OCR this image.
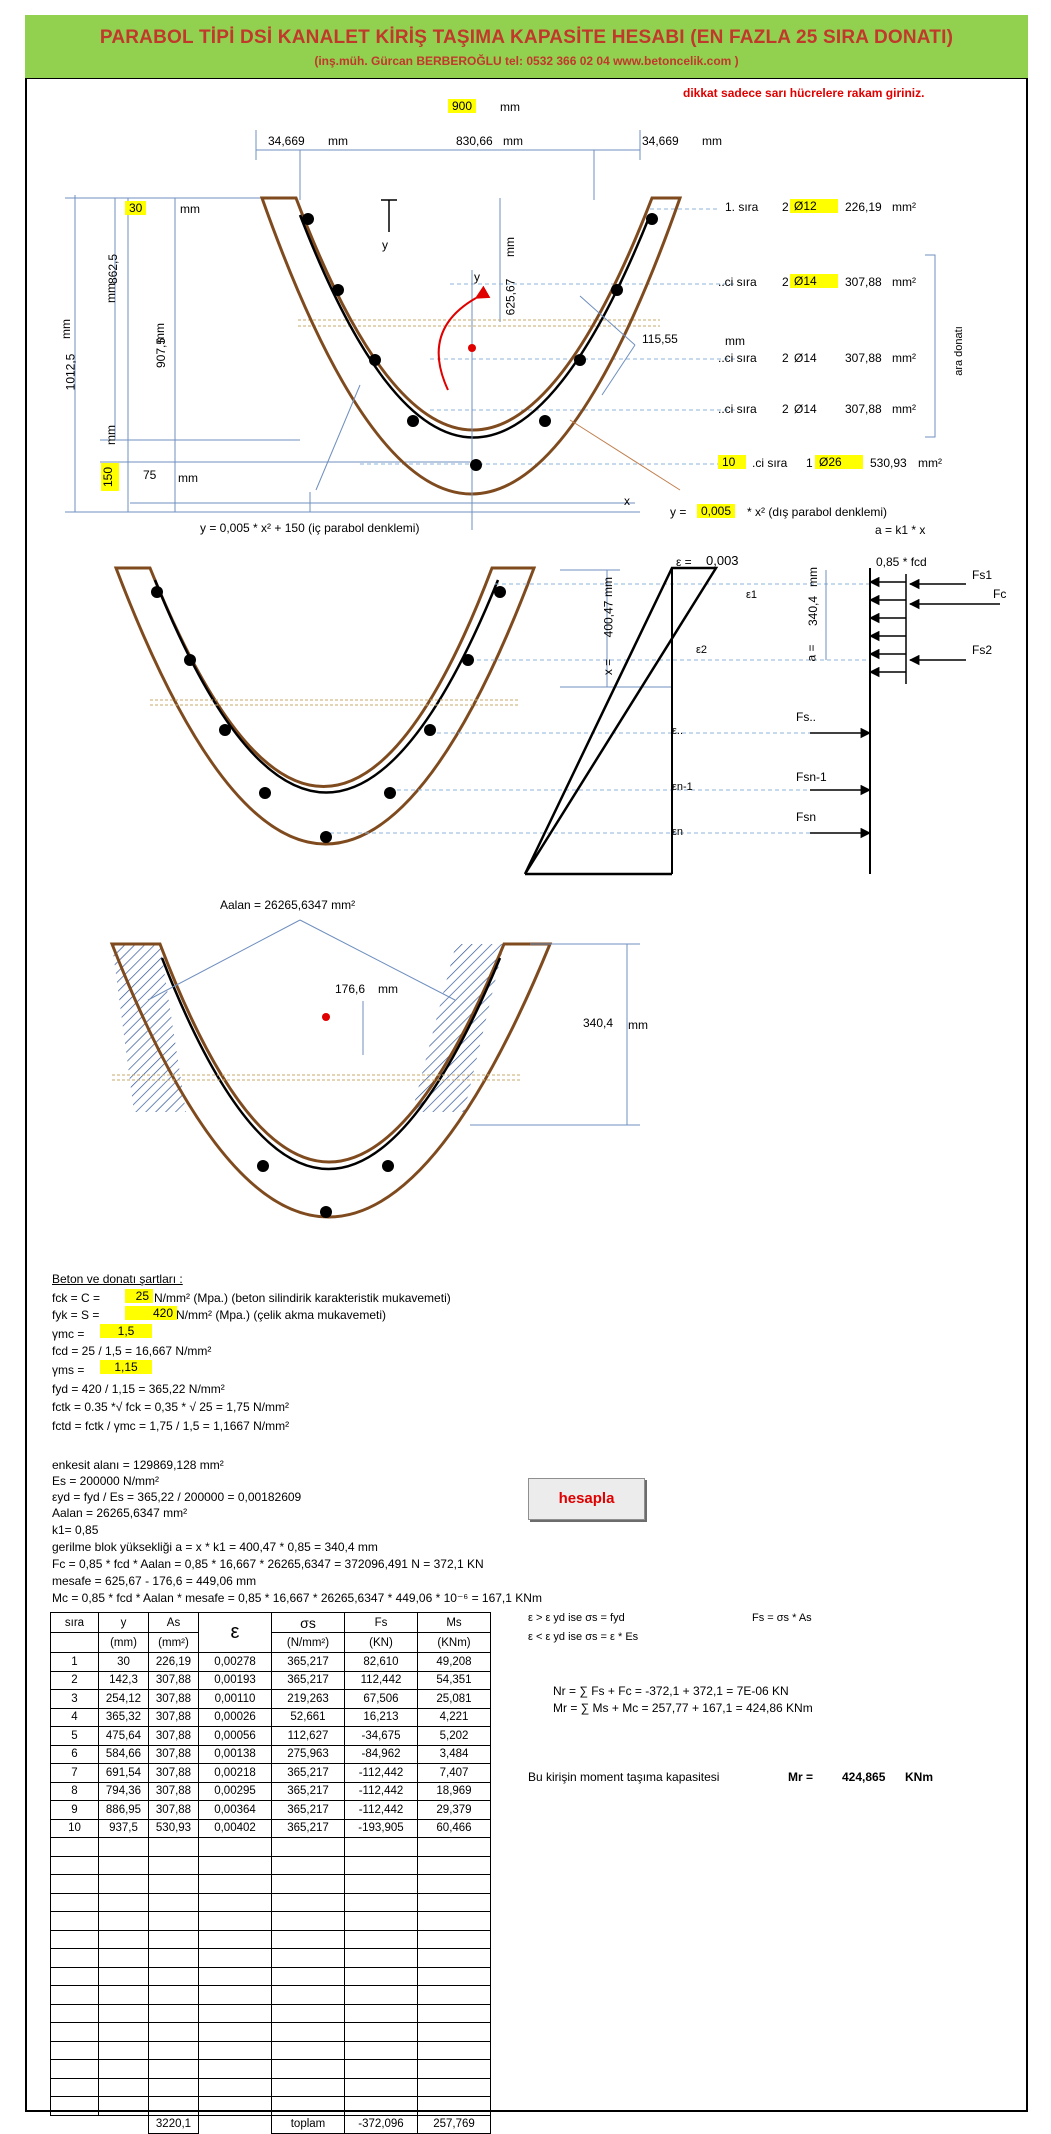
PARABOL TİPİ DSİ KANALET KİRİŞ TAŞIMA KAPASİTE HESABI (EN FAZLA 25 SIRA DONATI)
(inş.müh. Gürcan BERBEROĞLU tel: 0532 366 02 04 www.betoncelik.com )
dikkat sadece sarı hücrelere rakam giriniz.
900	mm
34,669 mm	830,66 mm	34,669 mm
30	mm
y
y
x
1012,5
mm
862,5
mm
907,5
mm
mm
150	75 mm
625,67
mm
115,55	mm
1. sıra 2 Ø12	226,19 mm²
..ci sıra 2 Ø14	307,88 mm²
..ci sıra 2 Ø14 307,88 mm²
..ci sıra 2 Ø14 307,88 mm²
10	.ci sıra 1 Ø26	530,93 mm²
ara donatı
y = 0,005 * x² + 150 (iç parabol denklemi)
y =	0,005	* x² (dış parabol denklemi)
a = k1 * x
ε = 0,003	0,85 * fcd
ε1
ε2
ε..
εn-1
εn
400,47
mm
x =
340,4
mm
a =
Fs1
Fc
Fs2
Fs..
Fsn-1
Fsn
Aalan = 26265,6347 mm²
176,6 mm
340,4 mm
Beton ve donatı şartları :
fck = C =	25 N/mm² (Mpa.) (beton silindirik karakteristik mukavemeti)
fyk = S =	420 N/mm² (Mpa.) (çelik akma mukavemeti)
γmc =	1,5
fcd = 25 / 1,5 = 16,667 N/mm²
γms =	1,15
fyd = 420 / 1,15 = 365,22 N/mm²
fctk = 0.35 *√ fck = 0,35 * √ 25 = 1,75 N/mm²
fctd = fctk / γmc = 1,75 / 1,5 = 1,1667 N/mm²
enkesit alanı = 129869,128 mm²
Es = 200000 N/mm²
εyd = fyd / Es = 365,22 / 200000 = 0,00182609
Aalan = 26265,6347 mm²
k1= 0,85
gerilme blok yüksekliği a = x * k1 = 400,47 * 0,85 = 340,4 mm
Fc = 0,85 * fcd * Aalan = 0,85 * 16,667 * 26265,6347 = 372096,491 N = 372,1 KN
mesafe = 625,67 - 176,6 = 449,06 mm
Mc = 0,85 * fcd * Aalan * mesafe = 0,85 * 16,667 * 26265,6347 * 449,06 * 10⁻⁶ = 167,1 KNm
hesapla
ε > ε yd ise σs = fyd	Fs = σs * As
ε < ε yd ise σs = ε * Es
Nr = ∑ Fs + Fc = -372,1 + 372,1 = 7E-06 KN
Mr = ∑ Ms + Mc = 257,77 + 167,1 = 424,86 KNm
Bu kirişin moment taşıma kapasitesi	Mr = 424,865 KNm
sıra	y	As	ε	σs	Fs	Ms
	(mm)	(mm²)		(N/mm²)	(KN)	(KNm)
1	30	226,19	0,00278	365,217	82,610	49,208
2	142,3	307,88	0,00193	365,217	112,442	54,351
3	254,12	307,88	0,00110	219,263	67,506	25,081
4	365,32	307,88	0,00026	52,661	16,213	4,221
5	475,64	307,88	0,00056	112,627	-34,675	5,202
6	584,66	307,88	0,00138	275,963	-84,962	3,484
7	691,54	307,88	0,00218	365,217	-112,442	7,407
8	794,36	307,88	0,00295	365,217	-112,442	18,969
9	886,95	307,88	0,00364	365,217	-112,442	29,379
10	937,5	530,93	0,00402	365,217	-193,905	60,466

		3220,1		toplam	-372,096	257,769
